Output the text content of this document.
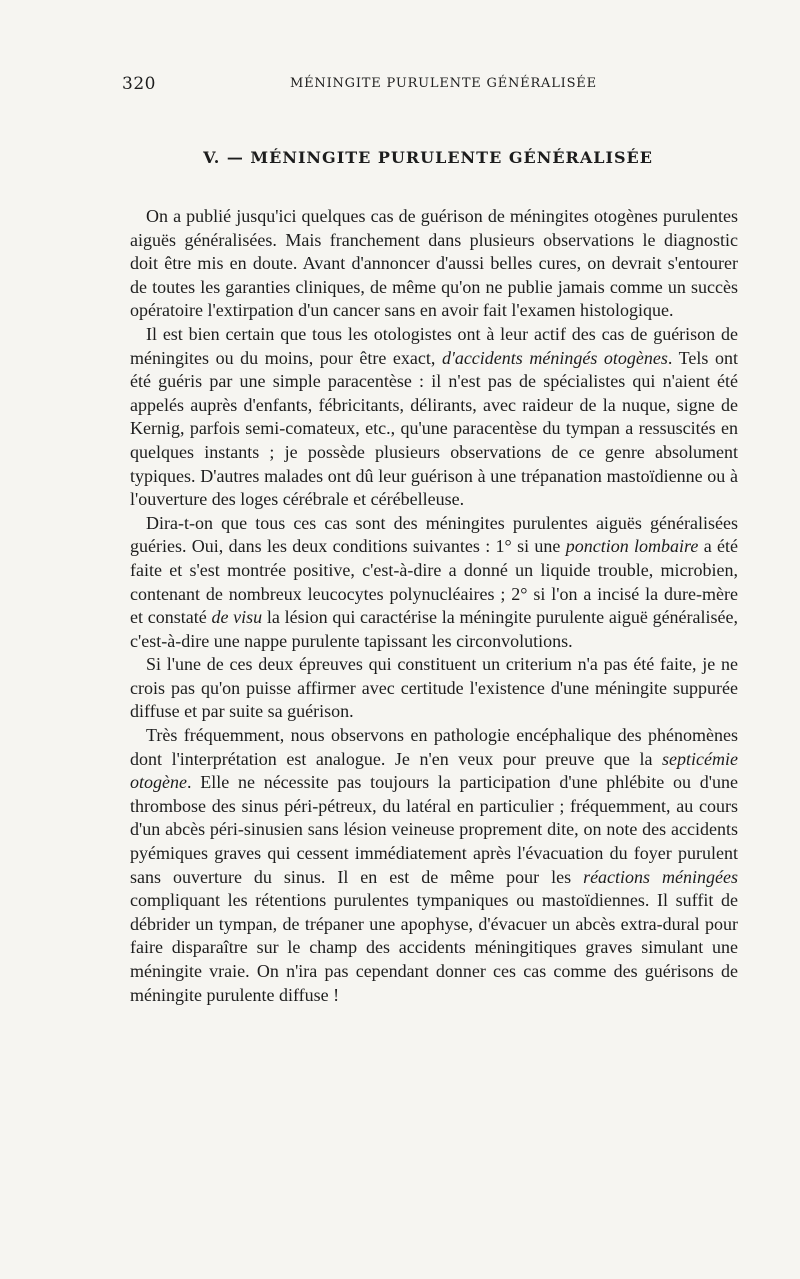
320	MÉNINGITE PURULENTE GÉNÉRALISÉE
V. — MÉNINGITE PURULENTE GÉNÉRALISÉE

On a publié jusqu'ici quelques cas de guérison de méningites otogènes purulentes aiguës généralisées. Mais franchement dans plusieurs observations le diagnostic doit être mis en doute. Avant d'annoncer d'aussi belles cures, on devrait s'entourer de toutes les garanties cliniques, de même qu'on ne publie jamais comme un succès opératoire l'extirpation d'un cancer sans en avoir fait l'examen histologique.

Il est bien certain que tous les otologistes ont à leur actif des cas de guérison de méningites ou du moins, pour être exact, d'accidents méningés otogènes. Tels ont été guéris par une simple paracentèse : il n'est pas de spécialistes qui n'aient été appelés auprès d'enfants, fébricitants, délirants, avec raideur de la nuque, signe de Kernig, parfois semi-comateux, etc., qu'une paracentèse du tympan a ressuscités en quelques instants ; je possède plusieurs observations de ce genre absolument typiques. D'autres malades ont dû leur guérison à une trépanation mastoïdienne ou à l'ouverture des loges cérébrale et cérébelleuse.

Dira-t-on que tous ces cas sont des méningites purulentes aiguës généralisées guéries. Oui, dans les deux conditions suivantes : 1° si une ponction lombaire a été faite et s'est montrée positive, c'est-à-dire a donné un liquide trouble, microbien, contenant de nombreux leucocytes polynucléaires ; 2° si l'on a incisé la dure-mère et constaté de visu la lésion qui caractérise la méningite purulente aiguë généralisée, c'est-à-dire une nappe purulente tapissant les circonvolutions.

Si l'une de ces deux épreuves qui constituent un criterium n'a pas été faite, je ne crois pas qu'on puisse affirmer avec certitude l'existence d'une méningite suppurée diffuse et par suite sa guérison.

Très fréquemment, nous observons en pathologie encéphalique des phénomènes dont l'interprétation est analogue. Je n'en veux pour preuve que la septicémie otogène. Elle ne nécessite pas toujours la participation d'une phlébite ou d'une thrombose des sinus péri-pétreux, du latéral en particulier ; fréquemment, au cours d'un abcès péri-sinusien sans lésion veineuse proprement dite, on note des accidents pyémiques graves qui cessent immédiatement après l'évacuation du foyer purulent sans ouverture du sinus. Il en est de même pour les réactions méningées compliquant les rétentions purulentes tympaniques ou mastoïdiennes. Il suffit de débrider un tympan, de trépaner une apophyse, d'évacuer un abcès extra-dural pour faire disparaître sur le champ des accidents méningitiques graves simulant une méningite vraie. On n'ira pas cependant donner ces cas comme des guérisons de méningite purulente diffuse !
